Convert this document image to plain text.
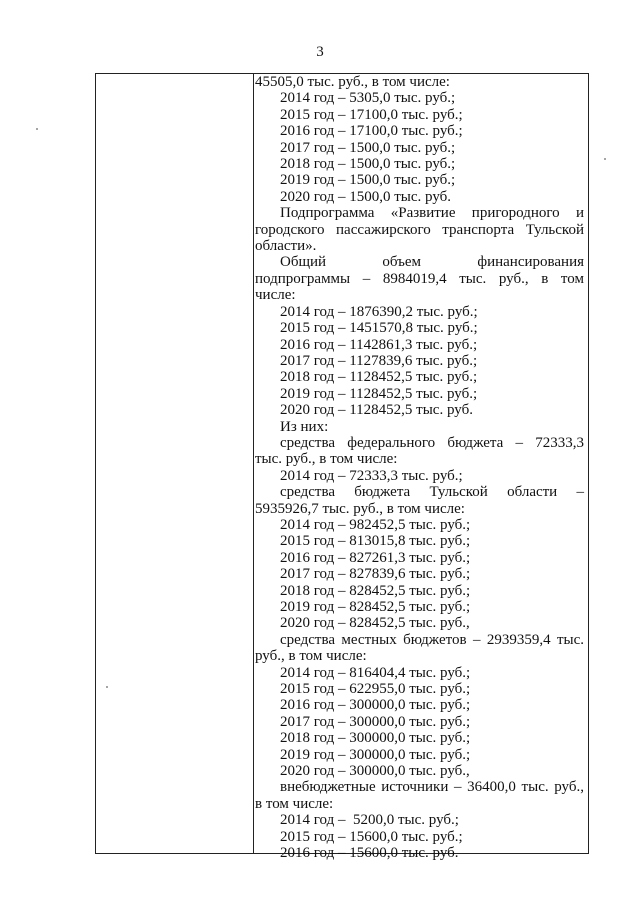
3
45505,0 тыс. руб., в том числе:
2014 год – 5305,0 тыс. руб.;
2015 год – 17100,0 тыс. руб.;
2016 год – 17100,0 тыс. руб.;
2017 год – 1500,0 тыс. руб.;
2018 год – 1500,0 тыс. руб.;
2019 год – 1500,0 тыс. руб.;
2020 год – 1500,0 тыс. руб.
Подпрограмма «Развитие пригородного и
городского пассажирского транспорта Тульской
области».
Общий объем финансирования
подпрограммы – 8984019,4 тыс. руб., в том
числе:
2014 год – 1876390,2 тыс. руб.;
2015 год – 1451570,8 тыс. руб.;
2016 год – 1142861,3 тыс. руб.;
2017 год – 1127839,6 тыс. руб.;
2018 год – 1128452,5 тыс. руб.;
2019 год – 1128452,5 тыс. руб.;
2020 год – 1128452,5 тыс. руб.
Из них:
средства федерального бюджета – 72333,3
тыс. руб., в том числе:
2014 год – 72333,3 тыс. руб.;
средства бюджета Тульской области –
5935926,7 тыс. руб., в том числе:
2014 год – 982452,5 тыс. руб.;
2015 год – 813015,8 тыс. руб.;
2016 год – 827261,3 тыс. руб.;
2017 год – 827839,6 тыс. руб.;
2018 год – 828452,5 тыс. руб.;
2019 год – 828452,5 тыс. руб.;
2020 год – 828452,5 тыс. руб.,
средства местных бюджетов – 2939359,4 тыс.
руб., в том числе:
2014 год – 816404,4 тыс. руб.;
2015 год – 622955,0 тыс. руб.;
2016 год – 300000,0 тыс. руб.;
2017 год – 300000,0 тыс. руб.;
2018 год – 300000,0 тыс. руб.;
2019 год – 300000,0 тыс. руб.;
2020 год – 300000,0 тыс. руб.,
внебюджетные источники – 36400,0 тыс. руб.,
в том числе:
2014 год –  5200,0 тыс. руб.;
2015 год – 15600,0 тыс. руб.;
2016 год – 15600,0 тыс. руб.
